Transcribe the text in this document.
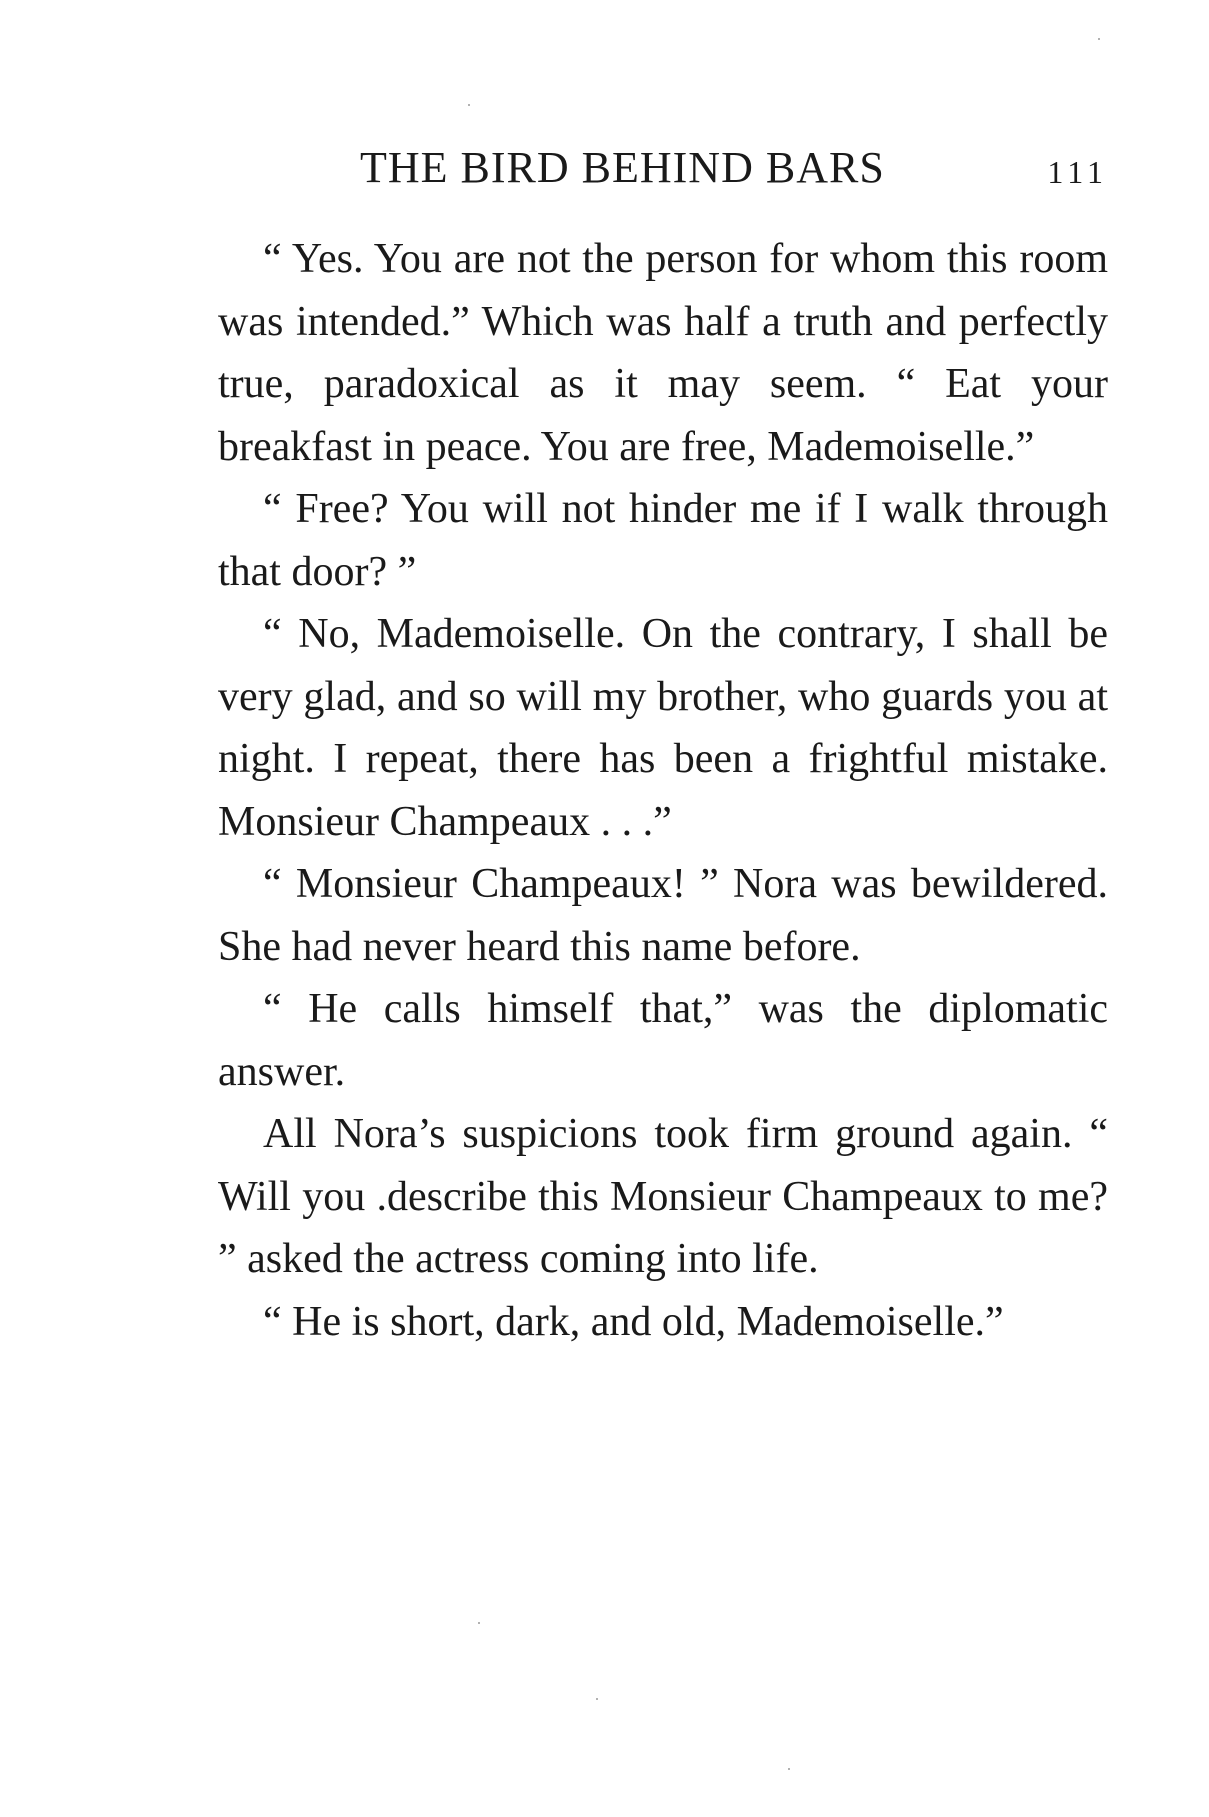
THE BIRD BEHIND BARS	111

“ Yes. You are not the person for whom this room was intended.” Which was half a truth and perfectly true, paradoxical as it may seem. “ Eat your breakfast in peace. You are free, Mademoiselle.”

“ Free? You will not hinder me if I walk through that door? ”

“ No, Mademoiselle. On the contrary, I shall be very glad, and so will my brother, who guards you at night. I repeat, there has been a frightful mistake. Monsieur Champeaux . . .”

“ Monsieur Champeaux! ” Nora was bewildered. She had never heard this name before.

“ He calls himself that,” was the diplomatic answer.

All Nora’s suspicions took firm ground again. “ Will you .describe this Monsieur Champeaux to me? ” asked the actress coming into life.

“ He is short, dark, and old, Mademoiselle.”
